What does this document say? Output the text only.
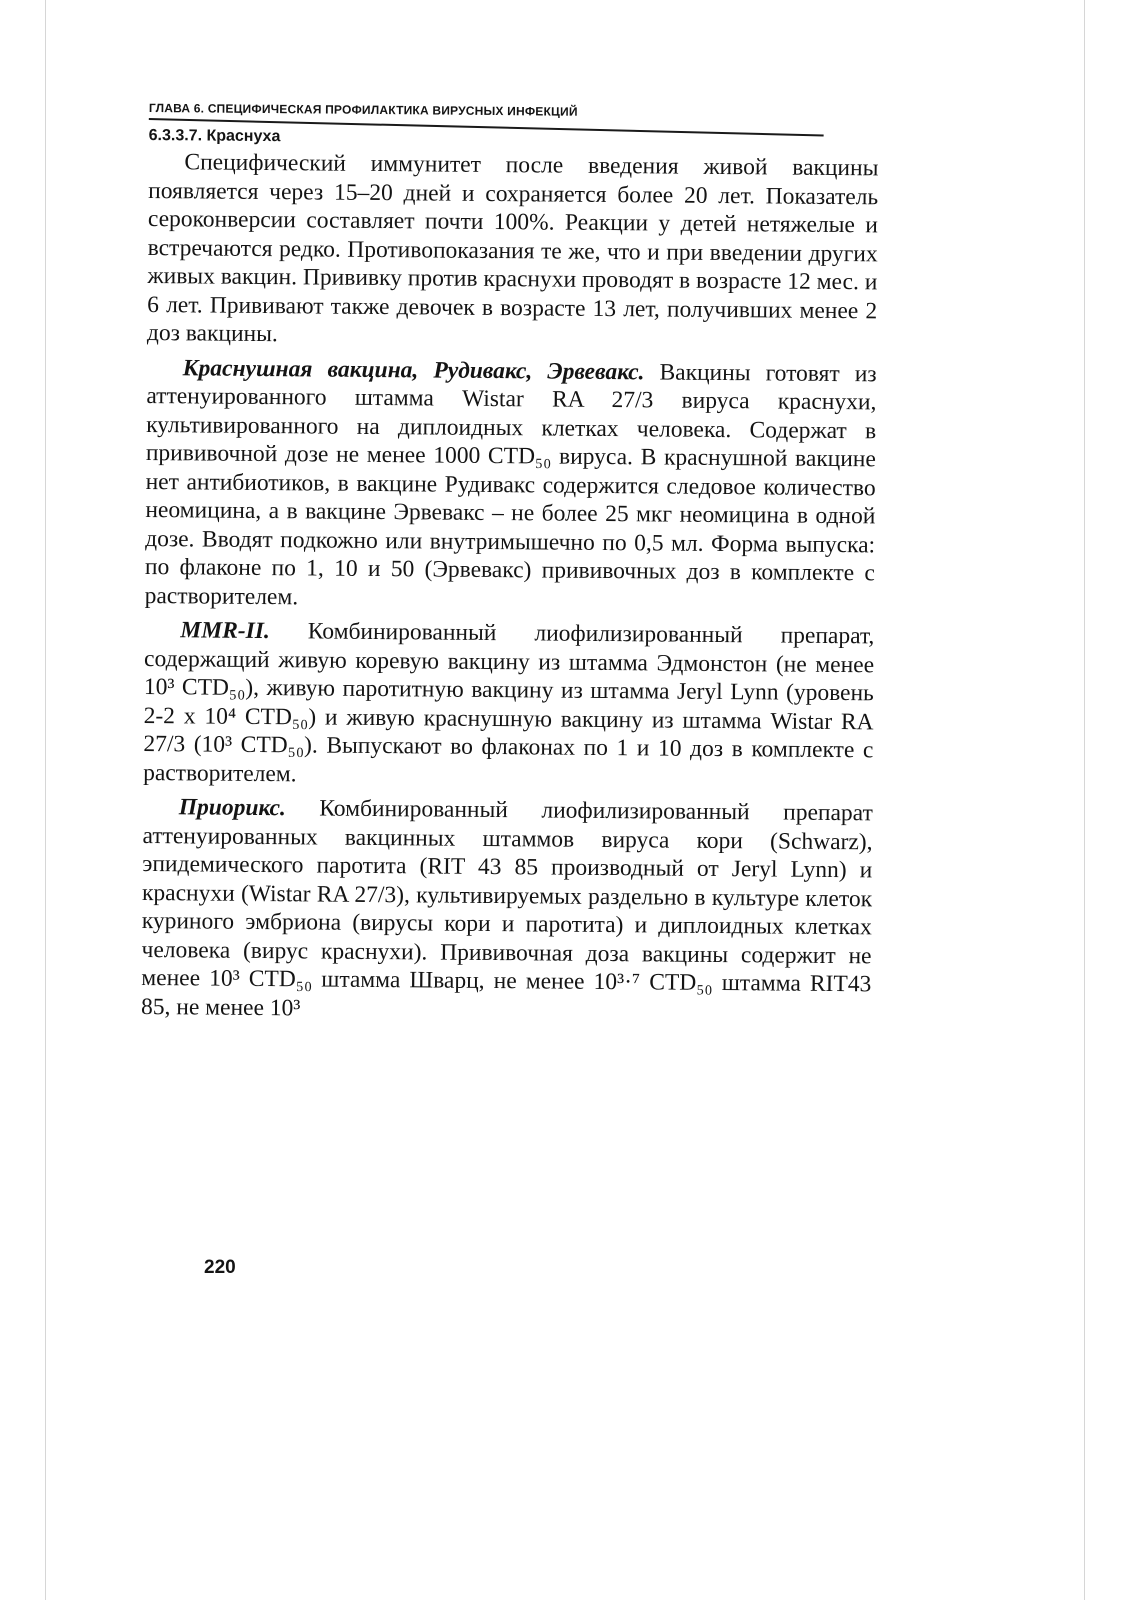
ГЛАВА 6. СПЕЦИФИЧЕСКАЯ ПРОФИЛАКТИКА ВИРУСНЫХ ИНФЕКЦИЙ
6.3.3.7. Краснуха

Специфический иммунитет после введения живой вакцины появляется через 15–20 дней и сохраняется более 20 лет. Показатель сероконверсии составляет почти 100%. Реакции у детей нетяжелые и встречаются редко. Противопоказания те же, что и при введении других живых вакцин. Прививку против краснухи проводят в возрасте 12 мес. и 6 лет. Прививают также девочек в возрасте 13 лет, получивших менее 2 доз вакцины.

Краснушная вакцина, Рудивакс, Эрвевакс. Вакцины готовят из аттенуированного штамма Wistar RA 27/3 вируса краснухи, культивированного на диплоидных клетках человека. Содержат в прививочной дозе не менее 1000 CTD₅₀ вируса. В краснушной вакцине нет антибиотиков, в вакцине Рудивакс содержится следовое количество неомицина, а в вакцине Эрвевакс – не более 25 мкг неомицина в одной дозе. Вводят подкожно или внутримышечно по 0,5 мл. Форма выпуска: по флаконе по 1, 10 и 50 (Эрвевакс) прививочных доз в комплекте с растворителем.

MMR-II. Комбинированный лиофилизированный препарат, содержащий живую коревую вакцину из штамма Эдмонстон (не менее 10³ CTD₅₀), живую паротитную вакцину из штамма Jeryl Lynn (уровень 2-2 x 10⁴ CTD₅₀) и живую краснушную вакцину из штамма Wistar RA 27/3 (10³ CTD₅₀). Выпускают во флаконах по 1 и 10 доз в комплекте с растворителем.

Приорикс. Комбинированный лиофилизированный препарат аттенуированных вакцинных штаммов вируса кори (Schwarz), эпидемического паротита (RIT 43 85 производный от Jeryl Lynn) и краснухи (Wistar RA 27/3), культивируемых раздельно в культуре клеток куриного эмбриона (вирусы кори и паротита) и диплоидных клетках человека (вирус краснухи). Прививочная доза вакцины содержит не менее 10³ CTD₅₀ штамма Шварц, не менее 10³·⁷ CTD₅₀ штамма RIT43 85, не менее 10³

220
